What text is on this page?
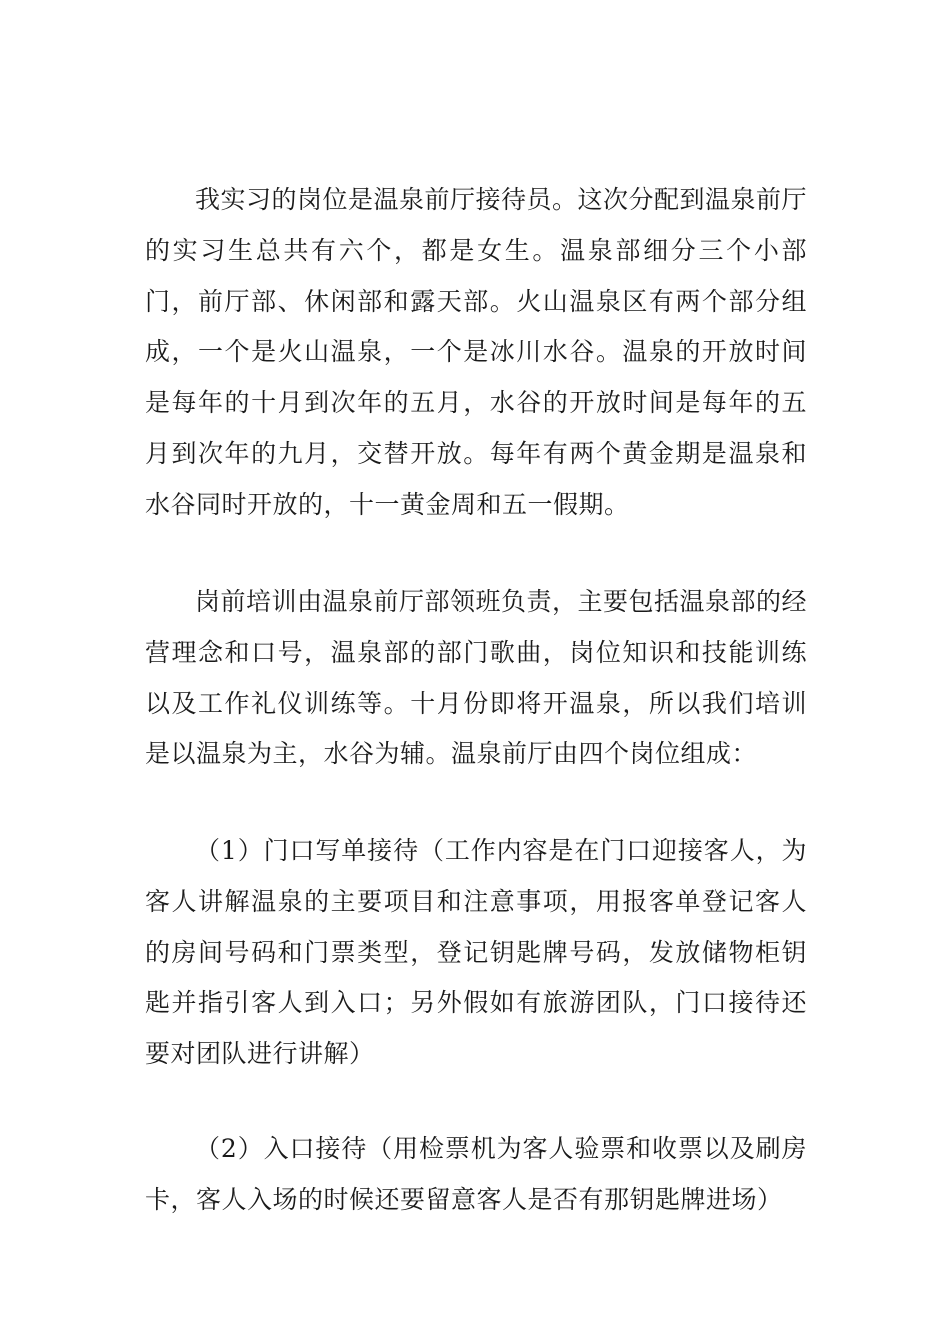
我实习的岗位是温泉前厅接待员。这次分配到温泉前厅的实习生总共有六个，都是女生。温泉部细分三个小部门，前厅部、休闲部和露天部。火山温泉区有两个部分组成，一个是火山温泉，一个是冰川水谷。温泉的开放时间是每年的十月到次年的五月，水谷的开放时间是每年的五月到次年的九月，交替开放。每年有两个黄金期是温泉和水谷同时开放的，十一黄金周和五一假期。

岗前培训由温泉前厅部领班负责，主要包括温泉部的经营理念和口号，温泉部的部门歌曲，岗位知识和技能训练以及工作礼仪训练等。十月份即将开温泉，所以我们培训是以温泉为主，水谷为辅。温泉前厅由四个岗位组成：

（1）门口写单接待（工作内容是在门口迎接客人，为客人讲解温泉的主要项目和注意事项，用报客单登记客人的房间号码和门票类型，登记钥匙牌号码，发放储物柜钥匙并指引客人到入口；另外假如有旅游团队，门口接待还要对团队进行讲解）

（2）入口接待（用检票机为客人验票和收票以及刷房卡，客人入场的时候还要留意客人是否有那钥匙牌进场）
